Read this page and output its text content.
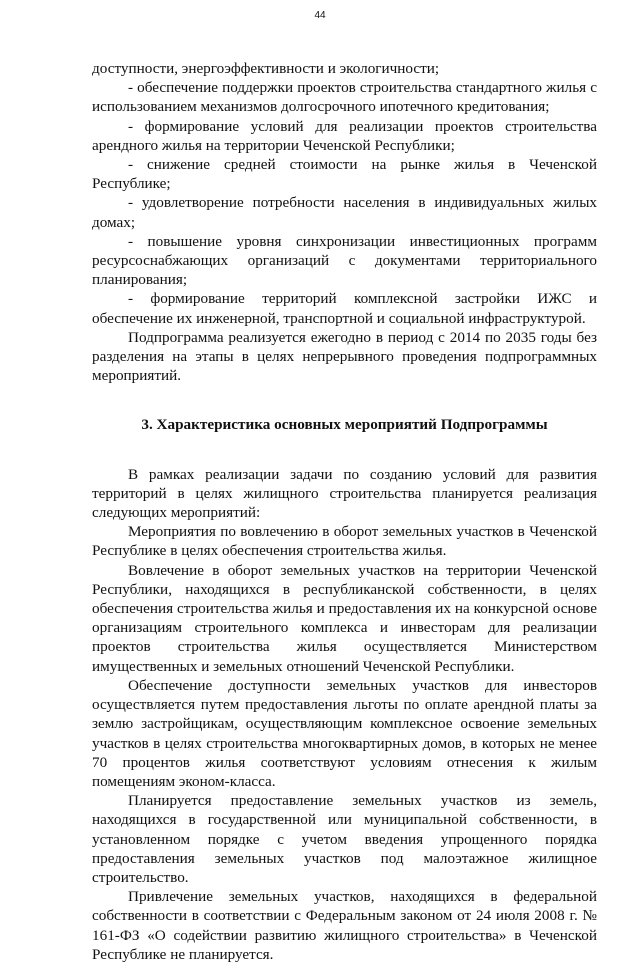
44

доступности, энергоэффективности и экологичности;

- обеспечение поддержки проектов строительства стандартного жилья с использованием механизмов долгосрочного ипотечного кредитования;

- формирование условий для реализации проектов строительства арендного жилья на территории Чеченской Республики;

- снижение средней стоимости на рынке жилья в Чеченской Республике;

- удовлетворение потребности населения в индивидуальных жилых домах;

- повышение уровня синхронизации инвестиционных программ ресурсоснабжающих организаций с документами территориального планирования;

- формирование территорий комплексной застройки ИЖС и обеспечение их инженерной, транспортной и социальной инфраструктурой.

Подпрограмма реализуется ежегодно в период с 2014 по 2035 годы без разделения на этапы в целях непрерывного проведения подпрограммных мероприятий.

3. Характеристика основных мероприятий Подпрограммы

В рамках реализации задачи по созданию условий для развития территорий в целях жилищного строительства планируется реализация следующих мероприятий:

Мероприятия по вовлечению в оборот земельных участков в Чеченской Республике в целях обеспечения строительства жилья.

Вовлечение в оборот земельных участков на территории Чеченской Республики, находящихся в республиканской собственности, в целях обеспечения строительства жилья и предоставления их на конкурсной основе организациям строительного комплекса и инвесторам для реализации проектов строительства жилья осуществляется Министерством имущественных и земельных отношений Чеченской Республики.

Обеспечение доступности земельных участков для инвесторов осуществляется путем предоставления льготы по оплате арендной платы за землю застройщикам, осуществляющим комплексное освоение земельных участков в целях строительства многоквартирных домов, в которых не менее 70 процентов жилья соответствуют условиям отнесения к жилым помещениям эконом-класса.

Планируется предоставление земельных участков из земель, находящихся в государственной или муниципальной собственности, в установленном порядке с учетом введения упрощенного порядка предоставления земельных участков под малоэтажное жилищное строительство.

Привлечение земельных участков, находящихся в федеральной собственности в соответствии с Федеральным законом от 24 июля 2008 г. № 161-ФЗ «О содействии развитию жилищного строительства» в Чеченской Республике не планируется.
